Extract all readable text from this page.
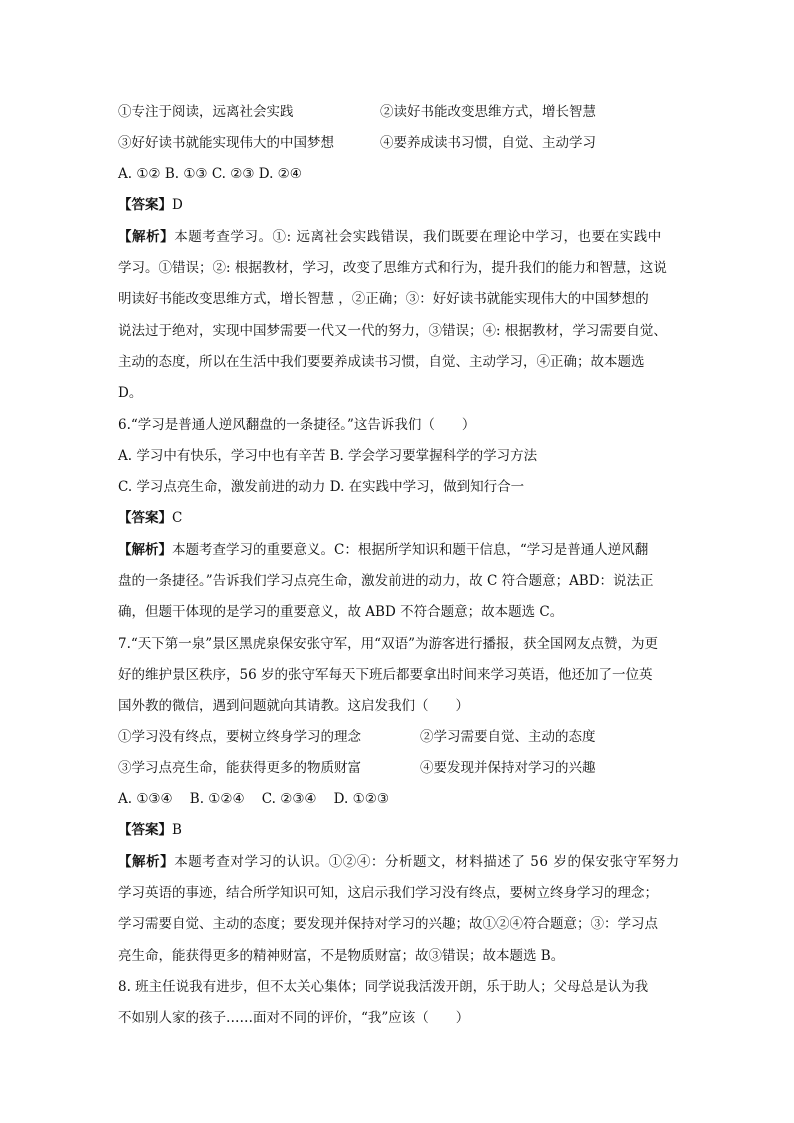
①专注于阅读，远离社会实践	②读好书能改变思维方式，增长智慧
③好好读书就能实现伟大的中国梦想	④要养成读书习惯，自觉、主动学习
A. ①② B. ①③ C. ②③ D. ②④
【答案】D
【解析】本题考查学习。①: 远离社会实践错误，我们既要在理论中学习，也要在实践中
学习。①错误；②: 根据教材，学习，改变了思维方式和行为，提升我们的能力和智慧，这说
明读好书能改变思维方式，增长智慧 ，②正确；③：好好读书就能实现伟大的中国梦想的
说法过于绝对，实现中国梦需要一代又一代的努力，③错误；④: 根据教材，学习需要自觉、
主动的态度，所以在生活中我们要要养成读书习惯，自觉、主动学习，④正确；故本题选
D。
6.“学习是普通人逆风翻盘的一条捷径。”这告诉我们（　　）
A. 学习中有快乐，学习中也有辛苦 B. 学会学习要掌握科学的学习方法
C. 学习点亮生命，激发前进的动力 D. 在实践中学习，做到知行合一
【答案】C
【解析】本题考查学习的重要意义。C：根据所学知识和题干信息，“学习是普通人逆风翻
盘的一条捷径。”告诉我们学习点亮生命，激发前进的动力，故 C 符合题意；ABD：说法正
确，但题干体现的是学习的重要意义，故 ABD 不符合题意；故本题选 C。
7.“天下第一泉”景区黑虎泉保安张守军，用“双语”为游客进行播报，获全国网友点赞，为更
好的维护景区秩序，56 岁的张守军每天下班后都要拿出时间来学习英语，他还加了一位英
国外教的微信，遇到问题就向其请教。这启发我们（　　）
①学习没有终点，要树立终身学习的理念	②学习需要自觉、主动的态度
③学习点亮生命，能获得更多的物质财富	④要发现并保持对学习的兴趣
A. ①③④    B. ①②④    C. ②③④    D. ①②③
【答案】B
【解析】本题考查对学习的认识。①②④：分析题文，材料描述了 56 岁的保安张守军努力
学习英语的事迹，结合所学知识可知，这启示我们学习没有终点，要树立终身学习的理念；
学习需要自觉、主动的态度；要发现并保持对学习的兴趣；故①②④符合题意；③：学习点
亮生命，能获得更多的精神财富，不是物质财富；故③错误；故本题选 B。
8. 班主任说我有进步，但不太关心集体；同学说我活泼开朗，乐于助人；父母总是认为我
不如别人家的孩子……面对不同的评价，“我”应该（　　）
